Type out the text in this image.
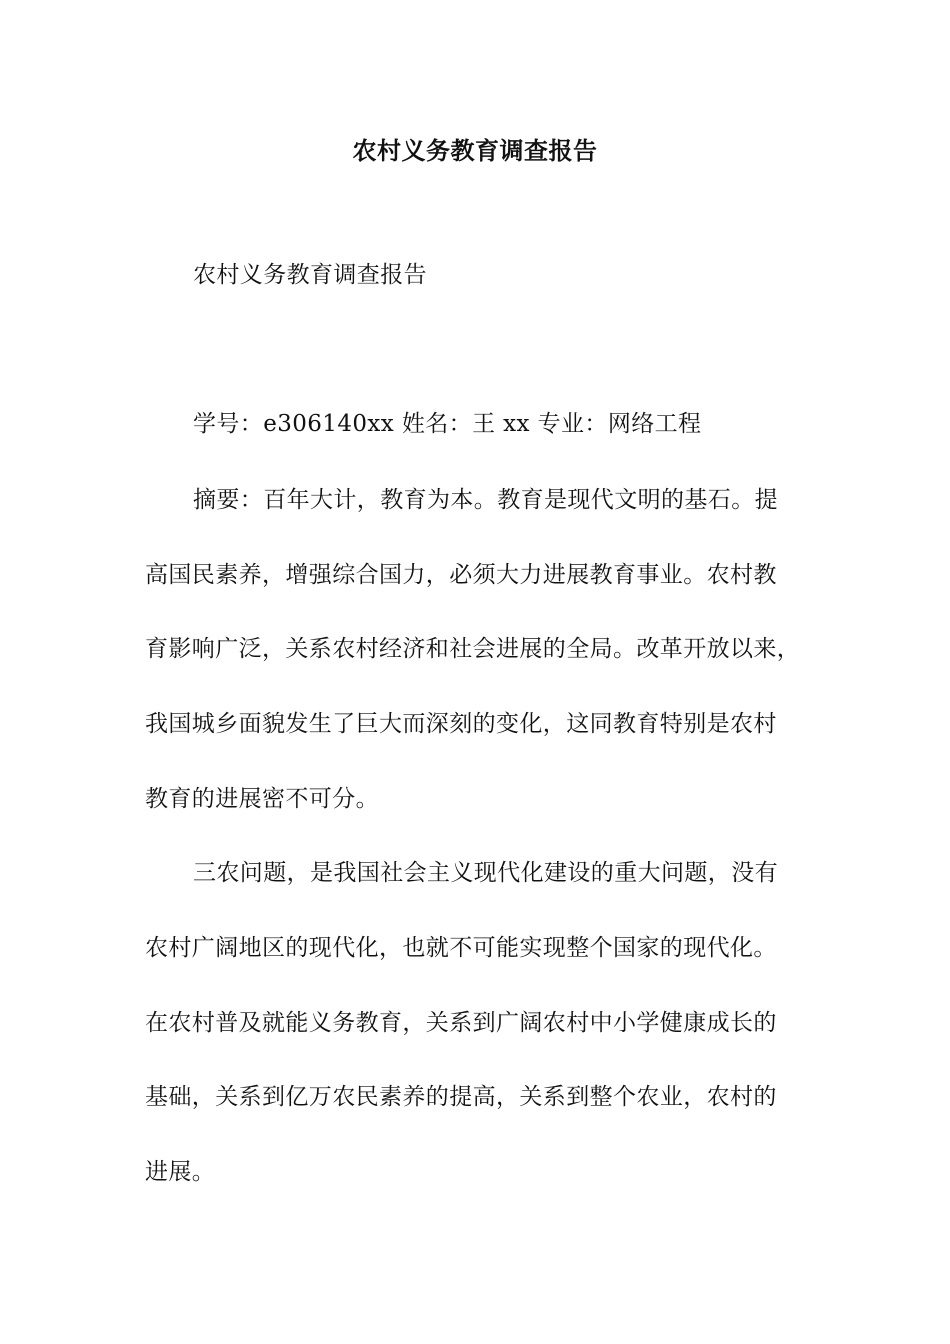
农村义务教育调查报告
农村义务教育调查报告
学号：e306140xx 姓名：王 xx 专业：网络工程
摘要：百年大计，教育为本。教育是现代文明的基石。提
高国民素养，增强综合国力，必须大力进展教育事业。农村教
育影响广泛，关系农村经济和社会进展的全局。改革开放以来，
我国城乡面貌发生了巨大而深刻的变化，这同教育特别是农村
教育的进展密不可分。
三农问题，是我国社会主义现代化建设的重大问题，没有
农村广阔地区的现代化，也就不可能实现整个国家的现代化。
在农村普及就能义务教育，关系到广阔农村中小学健康成长的
基础，关系到亿万农民素养的提高，关系到整个农业，农村的
进展。
